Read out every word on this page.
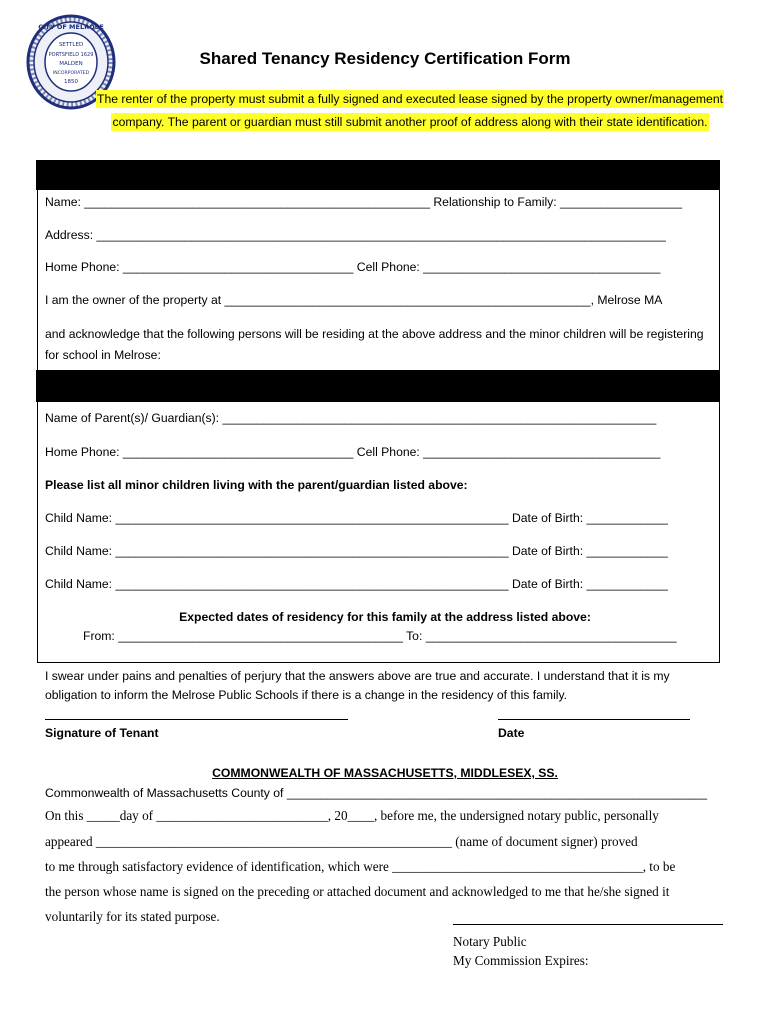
SETTLED
PORTSFIELD 1629
MALDEN
INCORPORATED
1850
CITY OF MELROSE
Shared Tenancy Residency Certification Form
The renter of the property must submit a fully signed and executed lease signed by the property owner/management company. The parent or guardian must still submit another proof of address along with their state identification.
Name: ___________________________________________________ Relationship to Family: __________________
Address: ____________________________________________________________________________________
Home Phone: __________________________________ Cell Phone: ___________________________________
I am the owner of the property at ______________________________________________________, Melrose MA
and acknowledge that the following persons will be residing at the above address and the minor children will be registering for school in Melrose:
Name of Parent(s)/ Guardian(s): ________________________________________________________________
Home Phone: __________________________________ Cell Phone: ___________________________________
Please list all minor children living with the parent/guardian listed above:
Child Name: __________________________________________________________ Date of Birth: ____________
Child Name: __________________________________________________________ Date of Birth: ____________
Child Name: __________________________________________________________ Date of Birth: ____________
Expected dates of residency for this family at the address listed above:
From: __________________________________________ To: _____________________________________
I swear under pains and penalties of perjury that the answers above are true and accurate. I understand that it is my obligation to inform the Melrose Public Schools if there is a change in the residency of this family.
Signature of Tenant	Date
COMMONWEALTH OF MASSACHUSETTS, MIDDLESEX, SS.
Commonwealth of Massachusetts County of ______________________________________________________________
On this _____day of __________________________, 20____, before me, the undersigned notary public, personally
appeared ______________________________________________________ (name of document signer) proved
to me through satisfactory evidence of identification, which were ______________________________________, to be
the person whose name is signed on the preceding or attached document and acknowledged to me that he/she signed it
voluntarily for its stated purpose.
Notary Public
My Commission Expires:
